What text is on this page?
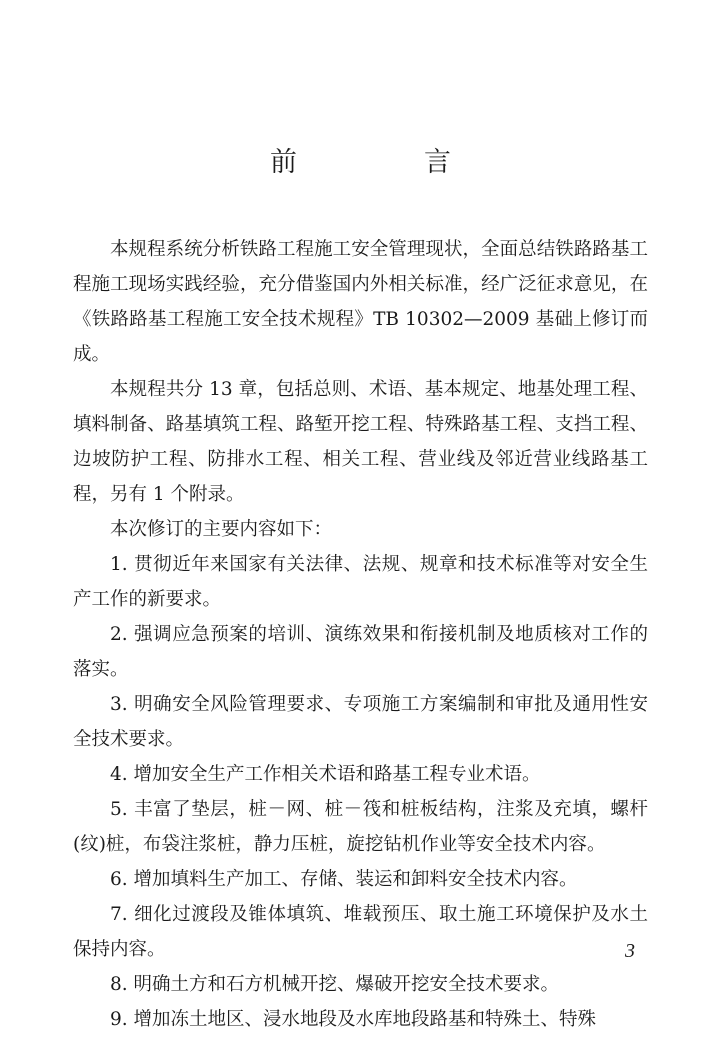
前　言

本规程系统分析铁路工程施工安全管理现状，全面总结铁路路基工程施工现场实践经验，充分借鉴国内外相关标准，经广泛征求意见，在《铁路路基工程施工安全技术规程》TB 10302—2009 基础上修订而成。

本规程共分 13 章，包括总则、术语、基本规定、地基处理工程、填料制备、路基填筑工程、路堑开挖工程、特殊路基工程、支挡工程、边坡防护工程、防排水工程、相关工程、营业线及邻近营业线路基工程，另有 1 个附录。

本次修订的主要内容如下：

1. 贯彻近年来国家有关法律、法规、规章和技术标准等对安全生产工作的新要求。

2. 强调应急预案的培训、演练效果和衔接机制及地质核对工作的落实。

3. 明确安全风险管理要求、专项施工方案编制和审批及通用性安全技术要求。

4. 增加安全生产工作相关术语和路基工程专业术语。

5. 丰富了垫层，桩－网、桩－筏和桩板结构，注浆及充填，螺杆(纹)桩，布袋注浆桩，静力压桩，旋挖钻机作业等安全技术内容。

6. 增加填料生产加工、存储、装运和卸料安全技术内容。

7. 细化过渡段及锥体填筑、堆载预压、取土施工环境保护及水土保持内容。

8. 明确土方和石方机械开挖、爆破开挖安全技术要求。

9. 增加冻土地区、浸水地段及水库地段路基和特殊土、特殊

3
